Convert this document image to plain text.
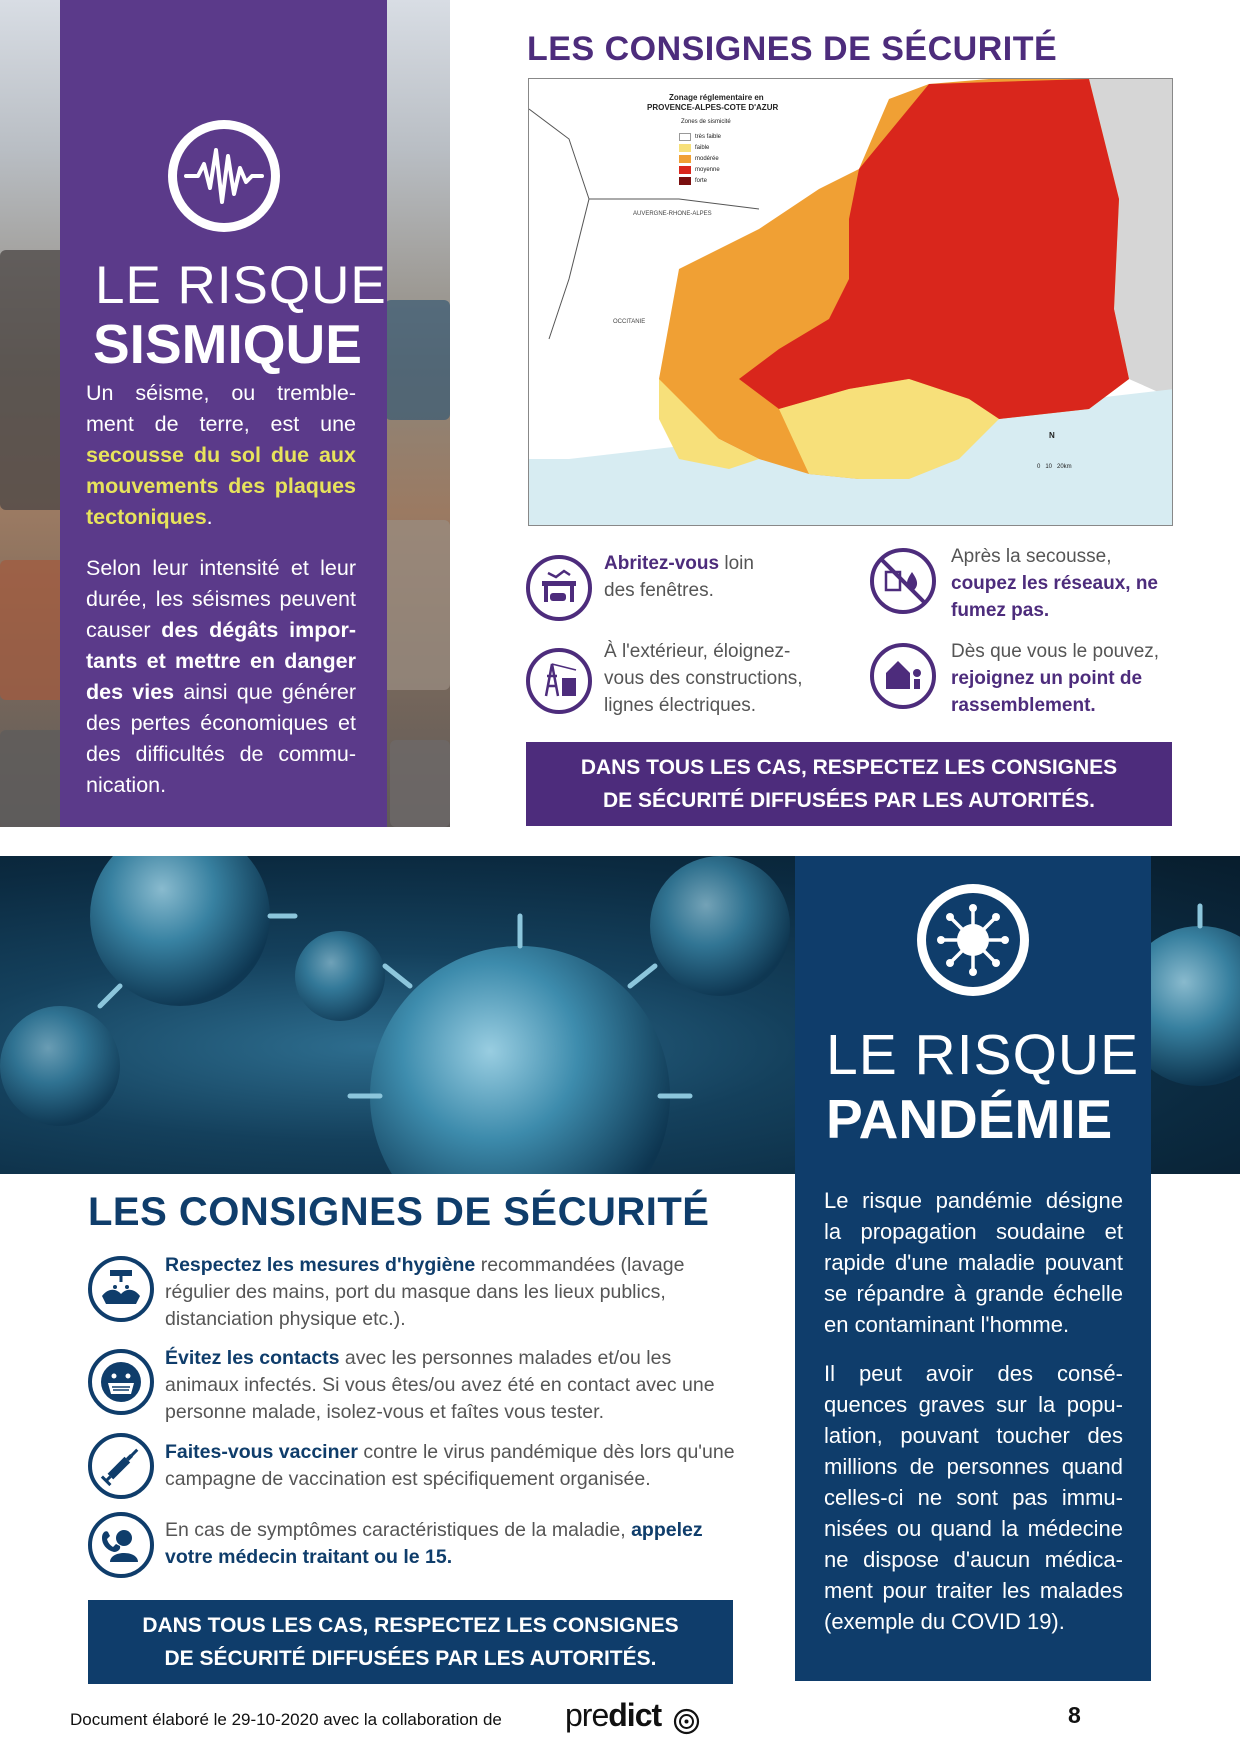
LE RISQUE
SISMIQUE
Un séisme, ou tremble-ment de terre, est une secousse du sol due aux mouvements des plaques tectoniques.
Selon leur intensité et leur durée, les séismes peuvent causer des dégâts impor-tants et mettre en danger des vies ainsi que générer des pertes économiques et des difficultés de commu-nication.
LES CONSIGNES DE SÉCURITÉ
Zonage réglementaire en
PROVENCE-ALPES-COTE D'AZUR
Zones de sismicité
très faible
faible
modérée
moyenne
forte
AUVERGNE-RHONE-ALPES
OCCITANIE
N
0   10   20km
Abritez-vous loin des fenêtres.
Après la secousse, coupez les réseaux, ne fumez pas.
À l'extérieur, éloignez-vous des constructions, lignes électriques.
Dès que vous le pouvez, rejoignez un point de rassemblement.
DANS TOUS LES CAS, RESPECTEZ LES CONSIGNES
DE SÉCURITÉ DIFFUSÉES PAR LES AUTORITÉS.
LE RISQUE
PANDÉMIE
Le risque pandémie désigne la propagation soudaine et rapide d'une maladie pouvant se répandre à grande échelle en contaminant l'homme.
Il peut avoir des consé-quences graves sur la popu-lation, pouvant toucher des millions de personnes quand celles-ci ne sont pas immu-nisées ou quand la médecine ne dispose d'aucun médica-ment pour traiter les malades (exemple du COVID 19).
LES CONSIGNES DE SÉCURITÉ
Respectez les mesures d'hygiène recommandées (lavage régulier des mains, port du masque dans les lieux publics, distanciation physique etc.).
Évitez les contacts avec les personnes malades et/ou les animaux infectés. Si vous êtes/ou avez été en contact avec une personne malade, isolez-vous et faîtes vous tester.
Faites-vous vacciner contre le virus pandémique dès lors qu'une campagne de vaccination est spécifiquement organisée.
En cas de symptômes caractéristiques de la maladie, appelez votre médecin traitant ou le 15.
DANS TOUS LES CAS, RESPECTEZ LES CONSIGNES
DE SÉCURITÉ DIFFUSÉES PAR LES AUTORITÉS.
Document élaboré le 29-10-2020 avec la collaboration de predict	8
